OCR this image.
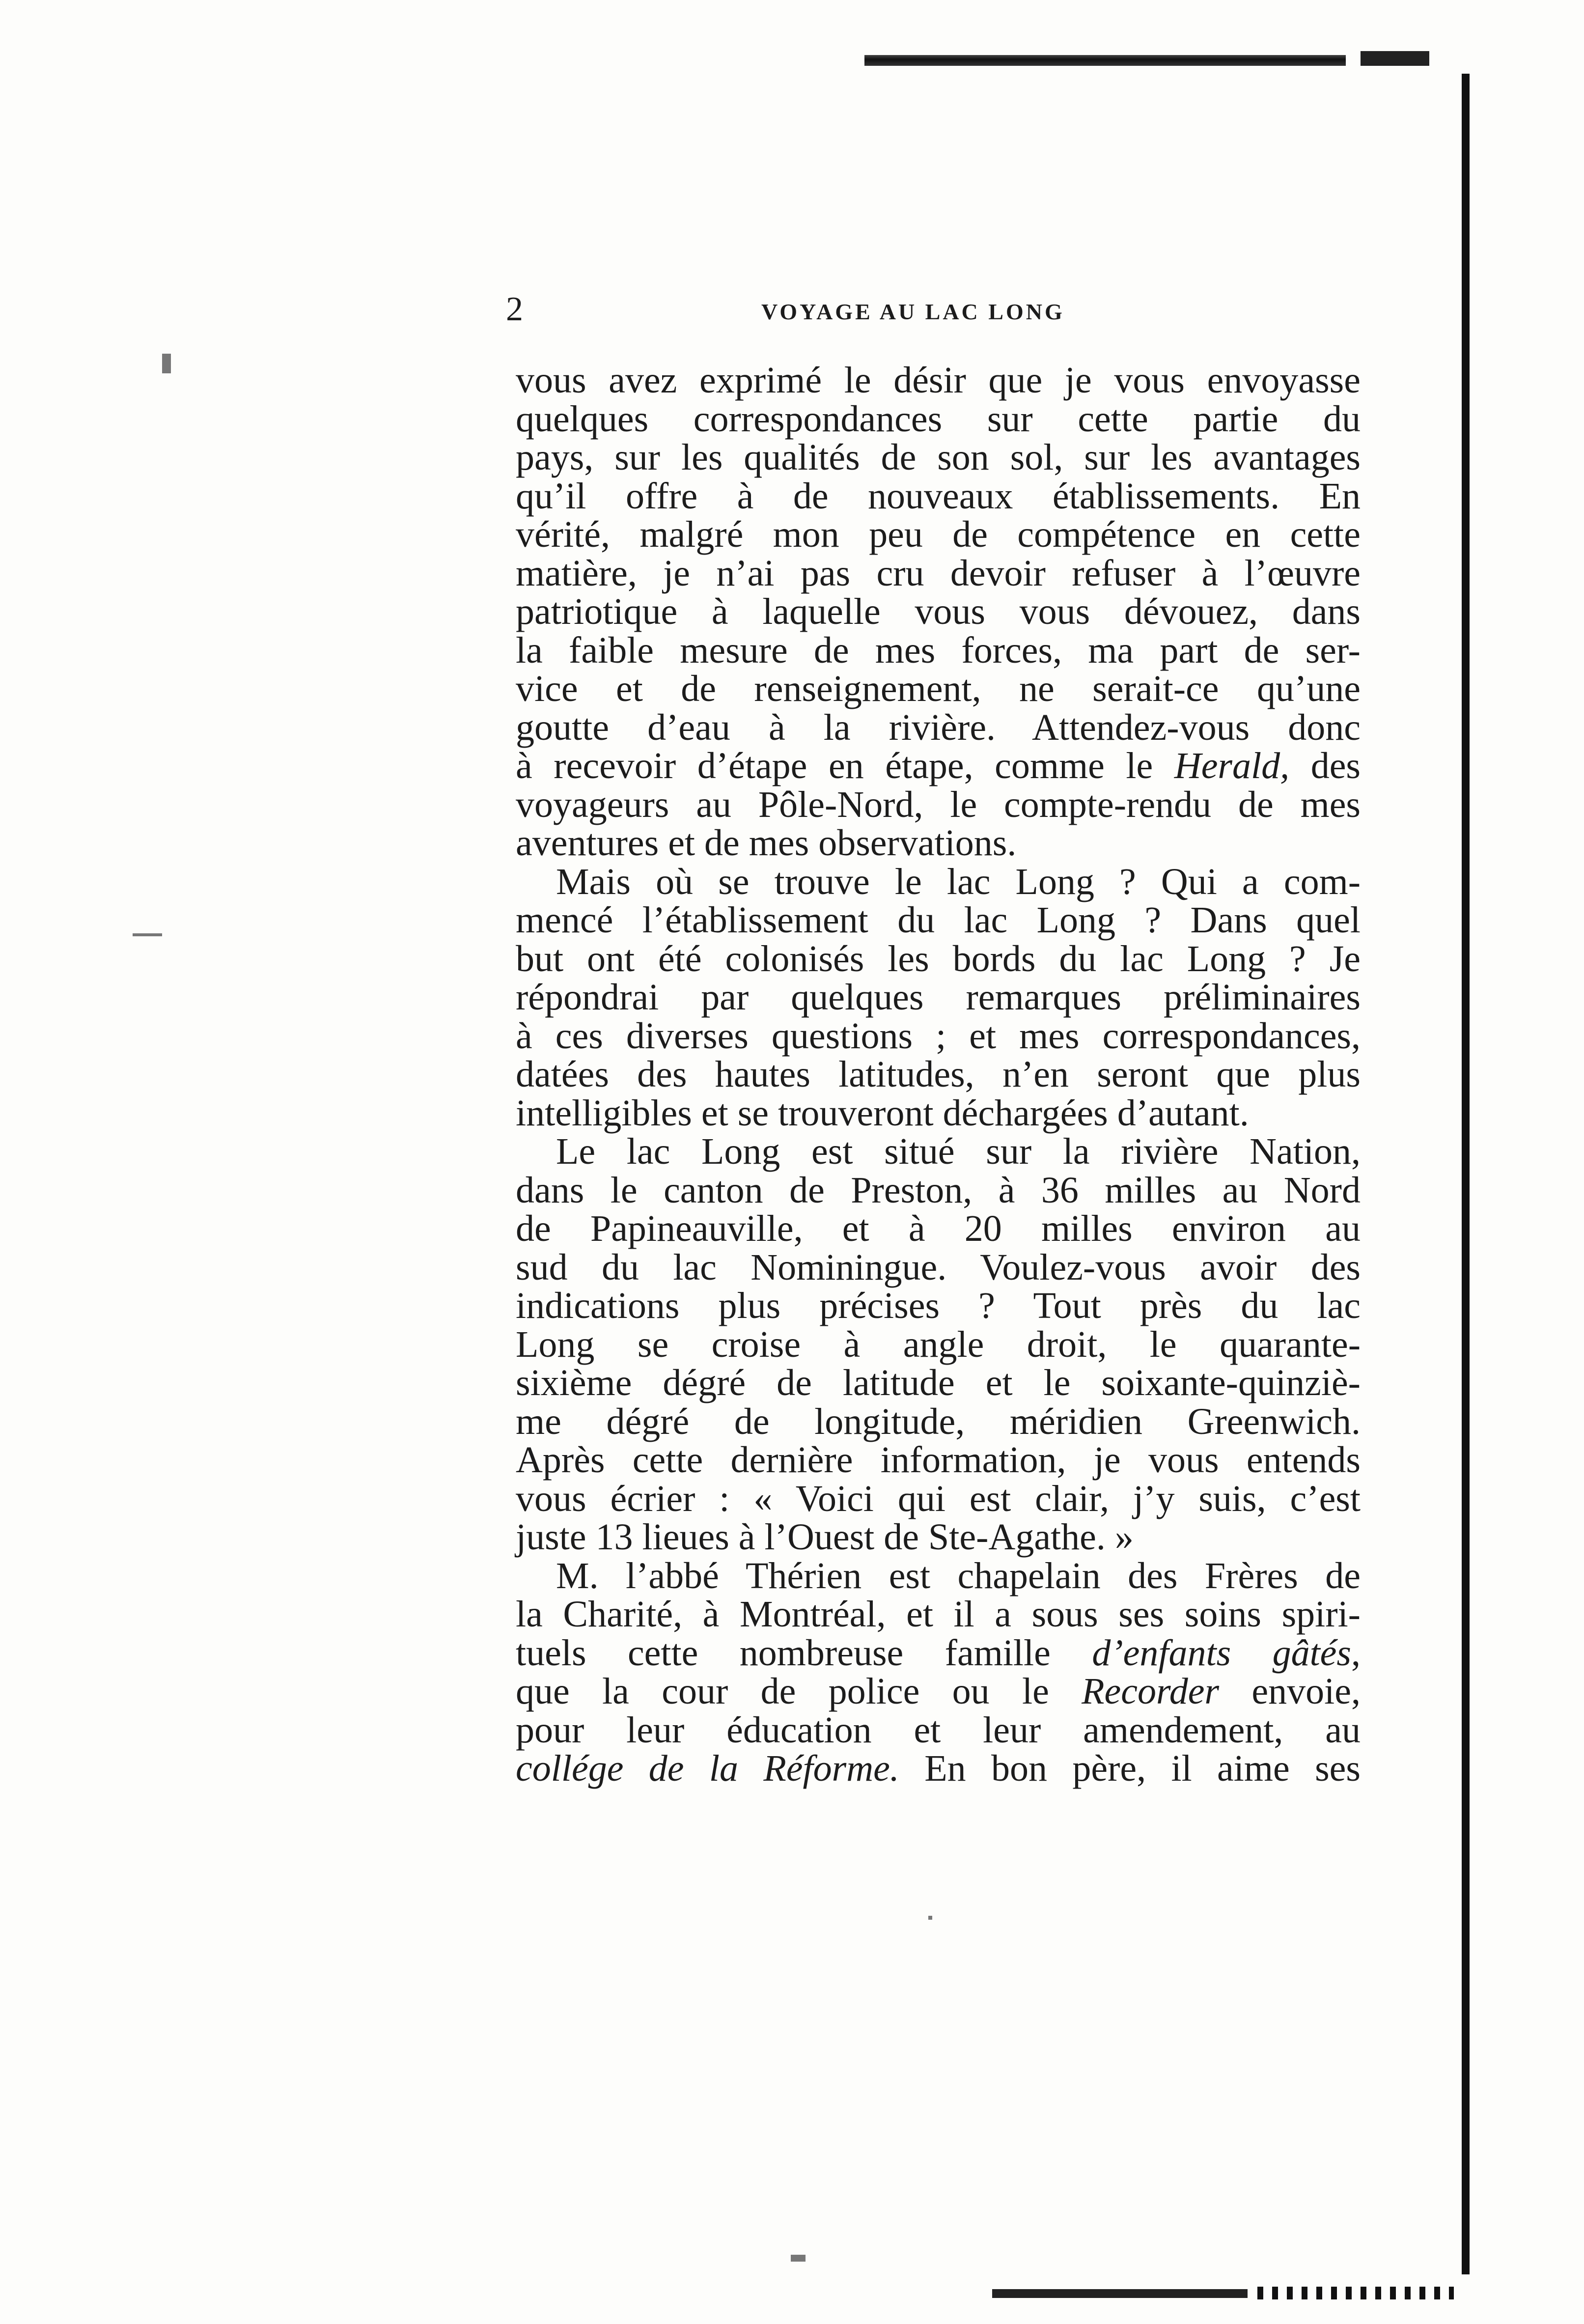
2	VOYAGE AU LAC LONG
vous avez exprimé le désir que je vous envoyasse
quelques correspondances sur cette partie du
pays, sur les qualités de son sol, sur les avantages
qu’il offre à de nouveaux établissements. En
vérité, malgré mon peu de compétence en cette
matière, je n’ai pas cru devoir refuser à l’œuvre
patriotique à laquelle vous vous dévouez, dans
la faible mesure de mes forces, ma part de ser-
vice et de renseignement, ne serait-ce qu’une
goutte d’eau à la rivière. Attendez-vous donc
à recevoir d’étape en étape, comme le Herald, des
voyageurs au Pôle-Nord, le compte-rendu de mes
aventures et de mes observations.
Mais où se trouve le lac Long ? Qui a com-
mencé l’établissement du lac Long ? Dans quel
but ont été colonisés les bords du lac Long ? Je
répondrai par quelques remarques préliminaires
à ces diverses questions ; et mes correspondances,
datées des hautes latitudes, n’en seront que plus
intelligibles et se trouveront déchargées d’autant.
Le lac Long est situé sur la rivière Nation,
dans le canton de Preston, à 36 milles au Nord
de Papineauville, et à 20 milles environ au
sud du lac Nominingue. Voulez-vous avoir des
indications plus précises ? Tout près du lac
Long se croise à angle droit, le quarante-
sixième dégré de latitude et le soixante-quinziè-
me dégré de longitude, méridien Greenwich.
Après cette dernière information, je vous entends
vous écrier : « Voici qui est clair, j’y suis, c’est
juste 13 lieues à l’Ouest de Ste-Agathe. »
M. l’abbé Thérien est chapelain des Frères de
la Charité, à Montréal, et il a sous ses soins spiri-
tuels cette nombreuse famille d’enfants gâtés,
que la cour de police ou le Recorder envoie,
pour leur éducation et leur amendement, au
collége de la Réforme. En bon père, il aime ses
